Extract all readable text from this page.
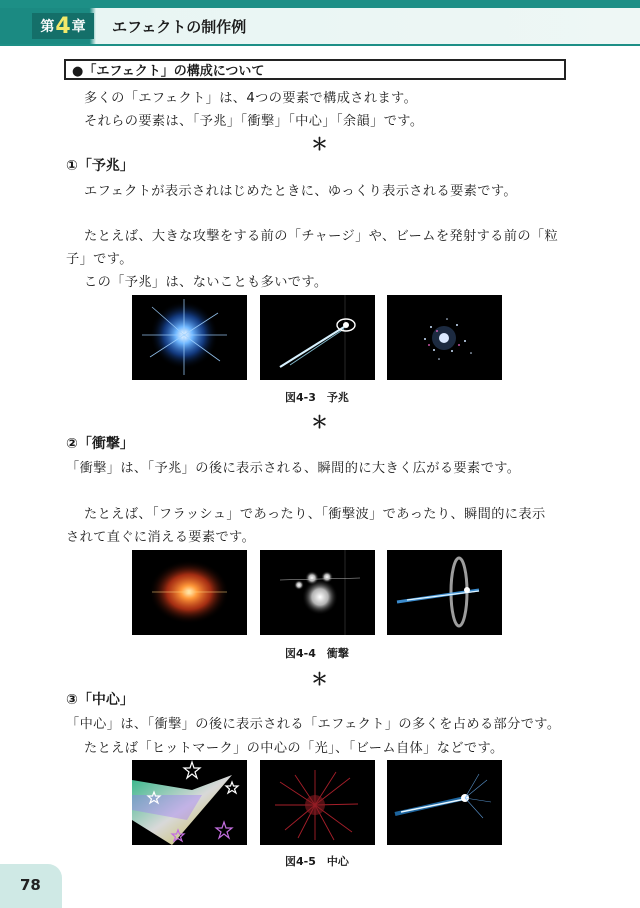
第 4 章 エフェクトの制作例
●「エフェクト」の構成について
多くの「エフェクト」は、4つの要素で構成されます。
それらの要素は、「予兆」「衝撃」「中心」「余韻」です。
＊
①「予兆」
エフェクトが表示されはじめたときに、ゆっくり表示される要素です。
たとえば、大きな攻撃をする前の「チャージ」や、ビームを発射する前の「粒
子」です。
この「予兆」は、ないことも多いです。
図4-3　予兆
＊
②「衝撃」
「衝撃」は、「予兆」の後に表示される、瞬間的に大きく広がる要素です。
たとえば、「フラッシュ」であったり、「衝撃波」であったり、瞬間的に表示
されて直ぐに消える要素です。
図4-4　衝撃
＊
③「中心」
「中心」は、「衝撃」の後に表示される「エフェクト」の多くを占める部分です。
たとえば「ヒットマーク」の中心の「光」、「ビーム自体」などです。
図4-5　中心
78
